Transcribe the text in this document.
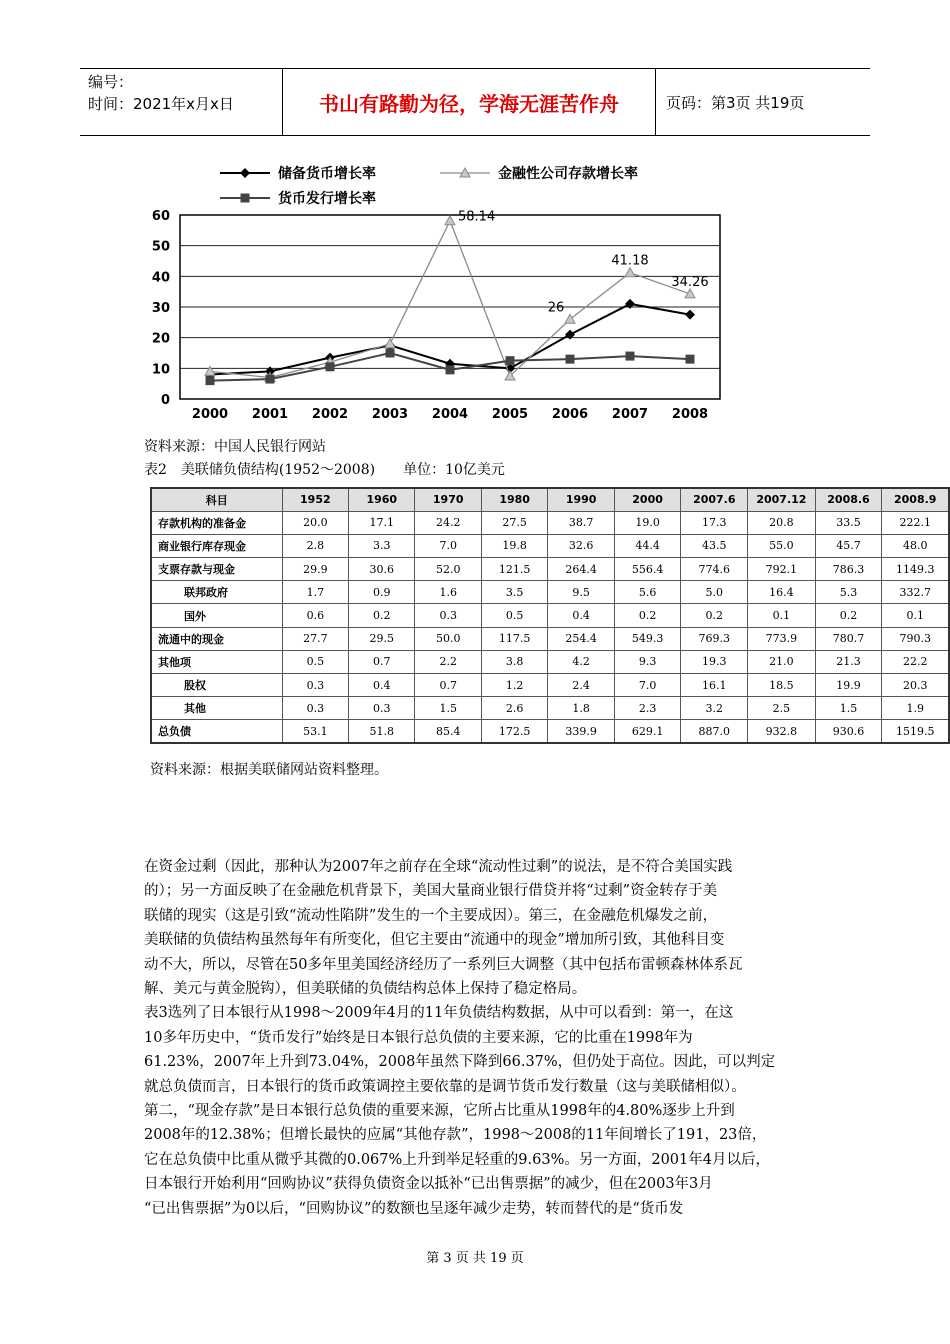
编号：
时间：2021年x月x日	书山有路勤为径，学海无涯苦作舟	页码：第3页 共19页
0
10
20
30
40
50
60
2000 2001 2002 2003 2004 2005 2006 2007 2008
58.14
26
41.18
34.26
储备货币增长率	金融性公司存款增长率
货币发行增长率
资料来源：中国人民银行网站
表2　美联储负债结构(1952～2008)　　单位：10亿美元
科目	1952	1960	1970	1980	1990	2000	2007.6	2007.12	2008.6	2008.9
存款机构的准备金	20.0	17.1	24.2	27.5	38.7	19.0	17.3	20.8	33.5	222.1
商业银行库存现金	2.8	3.3	7.0	19.8	32.6	44.4	43.5	55.0	45.7	48.0
支票存款与现金	29.9	30.6	52.0	121.5	264.4	556.4	774.6	792.1	786.3	1149.3
联邦政府	1.7	0.9	1.6	3.5	9.5	5.6	5.0	16.4	5.3	332.7
国外	0.6	0.2	0.3	0.5	0.4	0.2	0.2	0.1	0.2	0.1
流通中的现金	27.7	29.5	50.0	117.5	254.4	549.3	769.3	773.9	780.7	790.3
其他项	0.5	0.7	2.2	3.8	4.2	9.3	19.3	21.0	21.3	22.2
股权	0.3	0.4	0.7	1.2	2.4	7.0	16.1	18.5	19.9	20.3
其他	0.3	0.3	1.5	2.6	1.8	2.3	3.2	2.5	1.5	1.9
总负债	53.1	51.8	85.4	172.5	339.9	629.1	887.0	932.8	930.6	1519.5
资料来源：根据美联储网站资料整理。

在资金过剩（因此，那种认为2007年之前存在全球“流动性过剩”的说法，是不符合美国实践

的）；另一方面反映了在金融危机背景下，美国大量商业银行借贷并将“过剩”资金转存于美

联储的现实（这是引致“流动性陷阱”发生的一个主要成因）。第三，在金融危机爆发之前，

美联储的负债结构虽然每年有所变化，但它主要由“流通中的现金”增加所引致，其他科目变

动不大，所以，尽管在50多年里美国经济经历了一系列巨大调整（其中包括布雷顿森林体系瓦

解、美元与黄金脱钩），但美联储的负债结构总体上保持了稳定格局。

表3选列了日本银行从1998～2009年4月的11年负债结构数据，从中可以看到：第一，在这

10多年历史中，“货币发行”始终是日本银行总负债的主要来源，它的比重在1998年为

61.23%，2007年上升到73.04%，2008年虽然下降到66.37%，但仍处于高位。因此，可以判定

就总负债而言，日本银行的货币政策调控主要依靠的是调节货币发行数量（这与美联储相似）。

第二，“现金存款”是日本银行总负债的重要来源，它所占比重从1998年的4.80%逐步上升到

2008年的12.38%；但增长最快的应属“其他存款”，1998～2008的11年间增长了191，23倍，

它在总负债中比重从微乎其微的0.067%上升到举足轻重的9.63%。另一方面，2001年4月以后，

日本银行开始利用“回购协议”获得负债资金以抵补“已出售票据”的减少，但在2003年3月

“已出售票据”为0以后，“回购协议”的数额也呈逐年减少走势，转而替代的是“货币发

第 3 页 共 19 页
